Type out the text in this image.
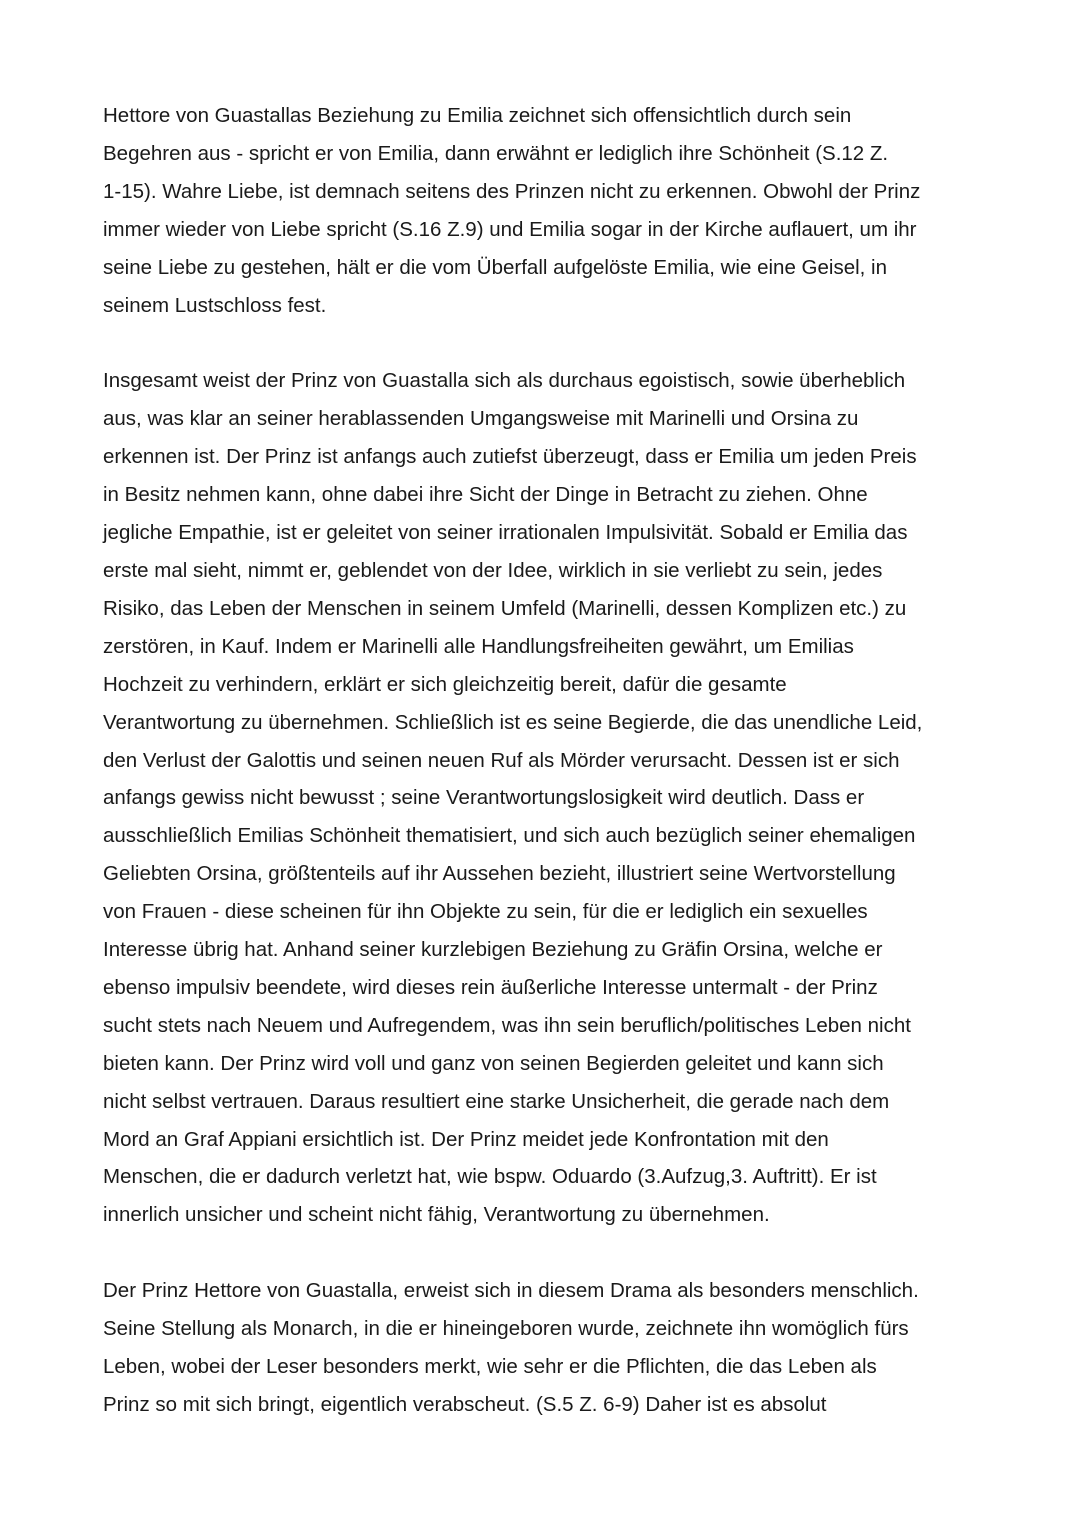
Hettore von Guastallas Beziehung zu Emilia zeichnet sich offensichtlich durch sein
Begehren aus - spricht er von Emilia, dann erwähnt er lediglich ihre Schönheit (S.12 Z.
1-15). Wahre Liebe, ist demnach seitens des Prinzen nicht zu erkennen. Obwohl der Prinz
immer wieder von Liebe spricht (S.16 Z.9) und Emilia sogar in der Kirche auflauert, um ihr
seine Liebe zu gestehen, hält er die vom Überfall aufgelöste Emilia, wie eine Geisel, in
seinem Lustschloss fest.
Insgesamt weist der Prinz von Guastalla sich als durchaus egoistisch, sowie überheblich
aus, was klar an seiner herablassenden Umgangsweise mit Marinelli und Orsina zu
erkennen ist. Der Prinz ist anfangs auch zutiefst überzeugt, dass er Emilia um jeden Preis
in Besitz nehmen kann, ohne dabei ihre Sicht der Dinge in Betracht zu ziehen. Ohne
jegliche Empathie, ist er geleitet von seiner irrationalen Impulsivität. Sobald er Emilia das
erste mal sieht, nimmt er, geblendet von der Idee, wirklich in sie verliebt zu sein, jedes
Risiko, das Leben der Menschen in seinem Umfeld (Marinelli, dessen Komplizen etc.) zu
zerstören, in Kauf. Indem er Marinelli alle Handlungsfreiheiten gewährt, um Emilias
Hochzeit zu verhindern, erklärt er sich gleichzeitig bereit, dafür die gesamte
Verantwortung zu übernehmen. Schließlich ist es seine Begierde, die das unendliche Leid,
den Verlust der Galottis und seinen neuen Ruf als Mörder verursacht. Dessen ist er sich
anfangs gewiss nicht bewusst ; seine Verantwortungslosigkeit wird deutlich. Dass er
ausschließlich Emilias Schönheit thematisiert, und sich auch bezüglich seiner ehemaligen
Geliebten Orsina, größtenteils auf ihr Aussehen bezieht, illustriert seine Wertvorstellung
von Frauen - diese scheinen für ihn Objekte zu sein, für die er lediglich ein sexuelles
Interesse übrig hat. Anhand seiner kurzlebigen Beziehung zu Gräfin Orsina, welche er
ebenso impulsiv beendete, wird dieses rein äußerliche Interesse untermalt - der Prinz
sucht stets nach Neuem und Aufregendem, was ihn sein beruflich/politisches Leben nicht
bieten kann. Der Prinz wird voll und ganz von seinen Begierden geleitet und kann sich
nicht selbst vertrauen. Daraus resultiert eine starke Unsicherheit, die gerade nach dem
Mord an Graf Appiani ersichtlich ist. Der Prinz meidet jede Konfrontation mit den
Menschen, die er dadurch verletzt hat, wie bspw. Oduardo (3.Aufzug,3. Auftritt). Er ist
innerlich unsicher und scheint nicht fähig, Verantwortung zu übernehmen.
Der Prinz Hettore von Guastalla, erweist sich in diesem Drama als besonders menschlich.
Seine Stellung als Monarch, in die er hineingeboren wurde, zeichnete ihn womöglich fürs
Leben, wobei der Leser besonders merkt, wie sehr er die Pflichten, die das Leben als
Prinz so mit sich bringt, eigentlich verabscheut. (S.5 Z. 6-9) Daher ist es absolut
